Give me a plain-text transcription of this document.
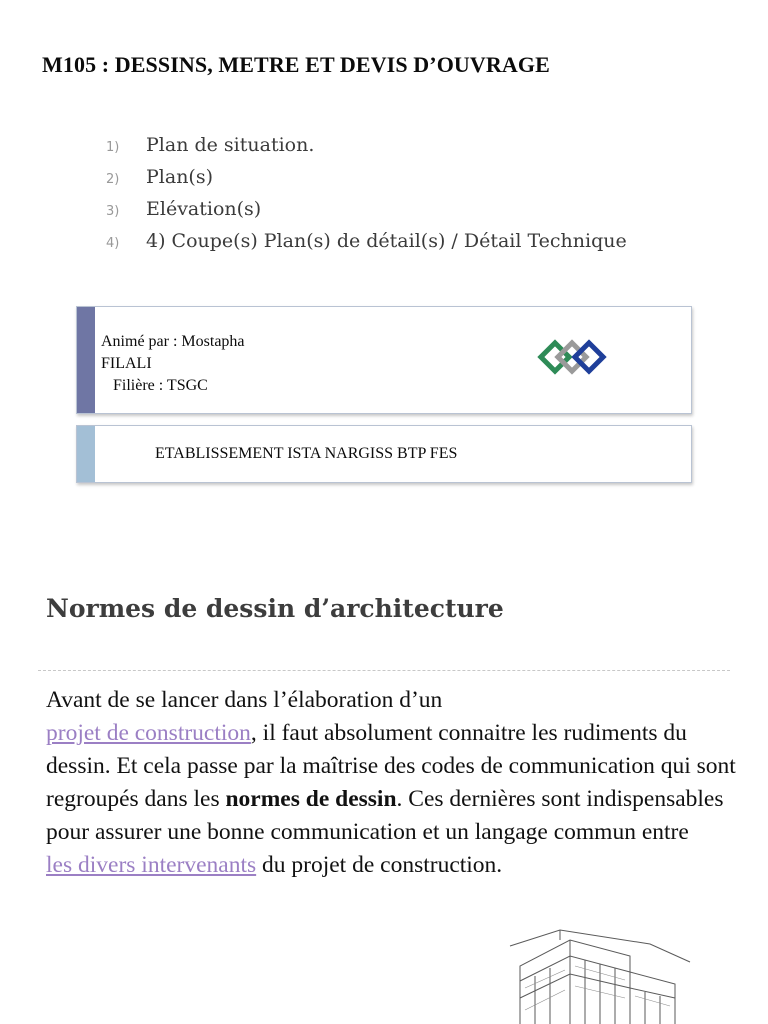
M105 : DESSINS, METRE ET DEVIS D’OUVRAGE
1)	Plan de situation.
2)	Plan(s)
3)	Elévation(s)
4)	4) Coupe(s) Plan(s) de détail(s) / Détail Technique
Animé par : Mostapha
FILALI
Filière : TSGC
ETABLISSEMENT ISTA NARGISS BTP FES
Normes de dessin d’architecture

Avant de se lancer dans l’élaboration d’un
projet de construction, il faut absolument connaitre les rudiments du dessin. Et cela passe par la maîtrise des codes de communication qui sont regroupés dans les normes de dessin. Ces dernières sont indispensables pour assurer une bonne communication et un langage commun entre
les divers intervenants du projet de construction.
